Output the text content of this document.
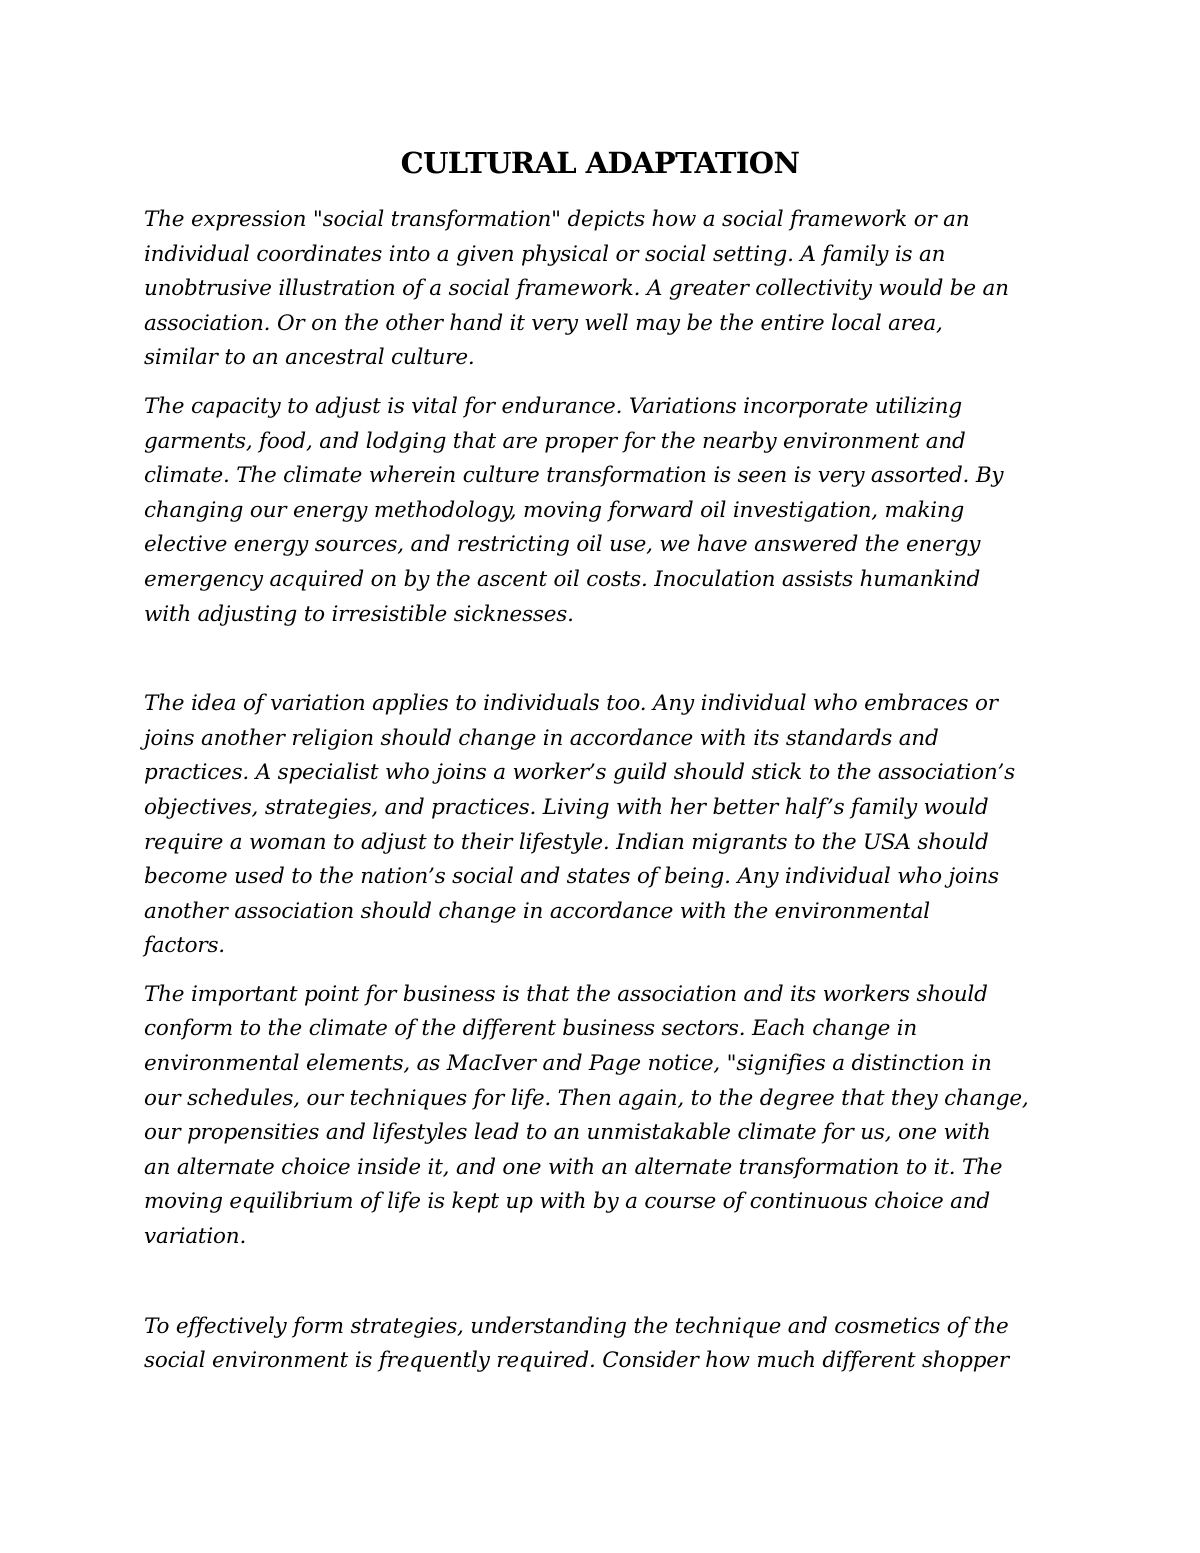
CULTURAL ADAPTATION

The expression "social transformation" depicts how a social framework or an
individual coordinates into a given physical or social setting. A family is an
unobtrusive illustration of a social framework. A greater collectivity would be an
association. Or on the other hand it very well may be the entire local area,
similar to an ancestral culture.

The capacity to adjust is vital for endurance. Variations incorporate utilizing
garments, food, and lodging that are proper for the nearby environment and
climate. The climate wherein culture transformation is seen is very assorted. By
changing our energy methodology, moving forward oil investigation, making
elective energy sources, and restricting oil use, we have answered the energy
emergency acquired on by the ascent oil costs. Inoculation assists humankind
with adjusting to irresistible sicknesses.

The idea of variation applies to individuals too. Any individual who embraces or
joins another religion should change in accordance with its standards and
practices. A specialist who joins a worker’s guild should stick to the association’s
objectives, strategies, and practices. Living with her better half’s family would
require a woman to adjust to their lifestyle. Indian migrants to the USA should
become used to the nation’s social and states of being. Any individual who joins
another association should change in accordance with the environmental
factors.

The important point for business is that the association and its workers should
conform to the climate of the different business sectors. Each change in
environmental elements, as MacIver and Page notice, "signifies a distinction in
our schedules, our techniques for life. Then again, to the degree that they change,
our propensities and lifestyles lead to an unmistakable climate for us, one with
an alternate choice inside it, and one with an alternate transformation to it. The
moving equilibrium of life is kept up with by a course of continuous choice and
variation.

To effectively form strategies, understanding the technique and cosmetics of the
social environment is frequently required. Consider how much different shopper
